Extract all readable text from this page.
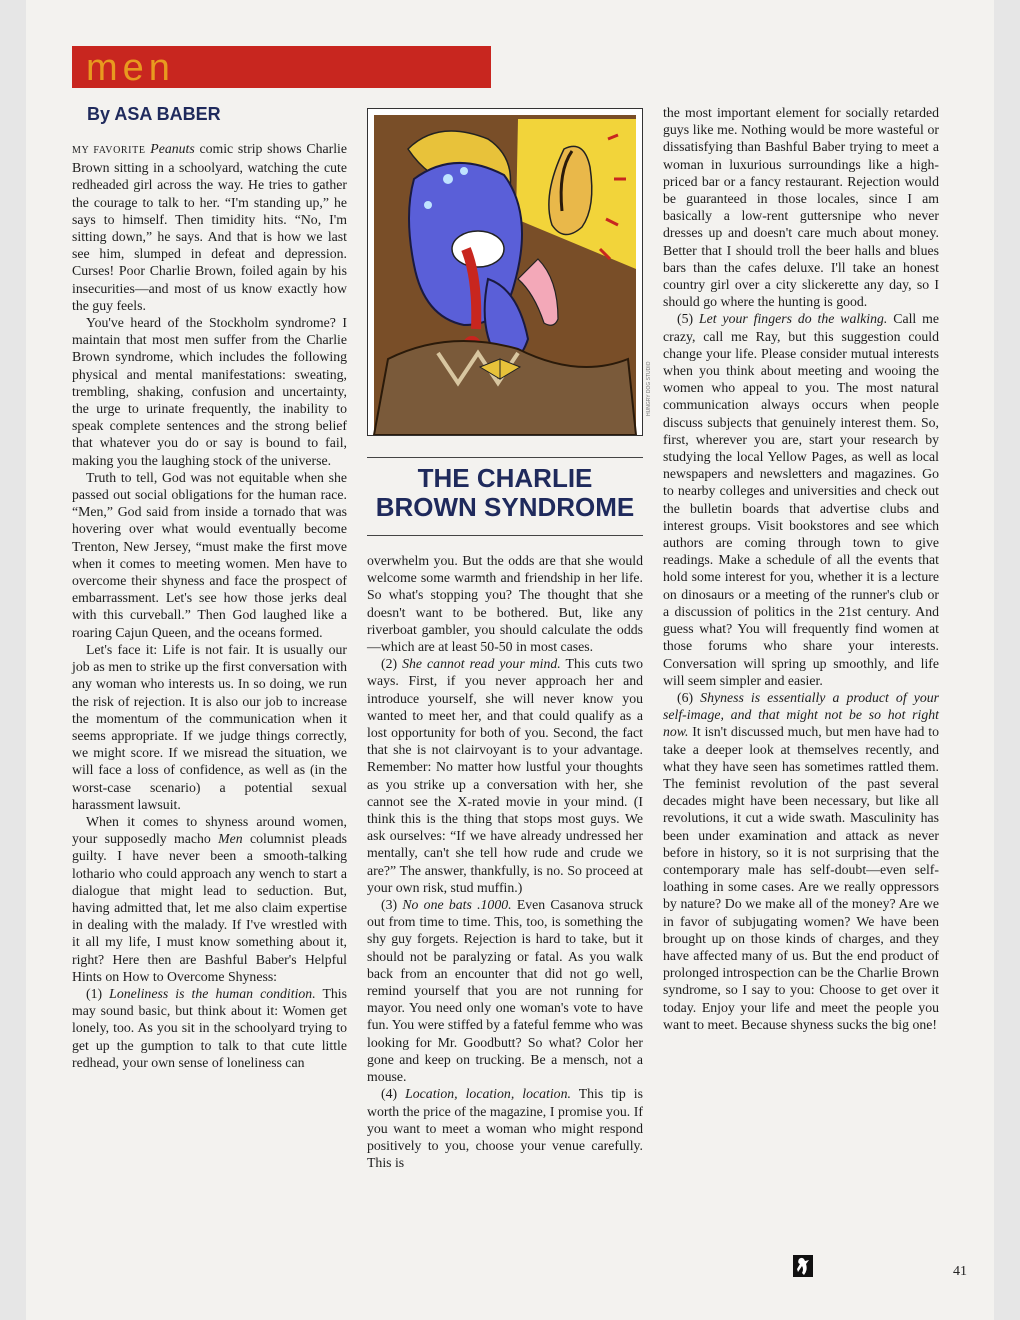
men
By ASA BABER

MY FAVORITE Peanuts comic strip shows Charlie Brown sitting in a schoolyard, watching the cute redheaded girl across the way. He tries to gather the courage to talk to her. “I'm standing up,” he says to himself. Then timidity hits. “No, I'm sitting down,” he says. And that is how we last see him, slumped in defeat and depression. Curses! Poor Charlie Brown, foiled again by his insecurities—and most of us know exactly how the guy feels.

You've heard of the Stockholm syndrome? I maintain that most men suffer from the Charlie Brown syndrome, which includes the following physical and mental manifestations: sweating, trembling, shaking, confusion and uncertainty, the urge to urinate frequently, the inability to speak complete sentences and the strong belief that whatever you do or say is bound to fail, making you the laughing stock of the universe.

Truth to tell, God was not equitable when she passed out social obligations for the human race. “Men,” God said from inside a tornado that was hovering over what would eventually become Trenton, New Jersey, “must make the first move when it comes to meeting women. Men have to overcome their shyness and face the prospect of embarrassment. Let's see how those jerks deal with this curveball.” Then God laughed like a roaring Cajun Queen, and the oceans formed.

Let's face it: Life is not fair. It is usually our job as men to strike up the first conversation with any woman who interests us. In so doing, we run the risk of rejection. It is also our job to increase the momentum of the communication when it seems appropriate. If we judge things correctly, we might score. If we misread the situation, we will face a loss of confidence, as well as (in the worst-case scenario) a potential sexual harassment lawsuit.

When it comes to shyness around women, your supposedly macho Men columnist pleads guilty. I have never been a smooth-talking lothario who could approach any wench to start a dialogue that might lead to seduction. But, having admitted that, let me also claim expertise in dealing with the malady. If I've wrestled with it all my life, I must know something about it, right? Here then are Bashful Baber's Helpful Hints on How to Overcome Shyness:

(1) Loneliness is the human condition. This may sound basic, but think about it: Women get lonely, too. As you sit in the schoolyard trying to get up the gumption to talk to that cute little redhead, your own sense of loneliness can

HUNGRY DOG STUDIO
THE CHARLIE
BROWN SYNDROME

overwhelm you. But the odds are that she would welcome some warmth and friendship in her life. So what's stopping you? The thought that she doesn't want to be bothered. But, like any riverboat gambler, you should calculate the odds—which are at least 50-50 in most cases.

(2) She cannot read your mind. This cuts two ways. First, if you never approach her and introduce yourself, she will never know you wanted to meet her, and that could qualify as a lost opportunity for both of you. Second, the fact that she is not clairvoyant is to your advantage. Remember: No matter how lustful your thoughts as you strike up a conversation with her, she cannot see the X-rated movie in your mind. (I think this is the thing that stops most guys. We ask ourselves: “If we have already undressed her mentally, can't she tell how rude and crude we are?” The answer, thankfully, is no. So proceed at your own risk, stud muffin.)

(3) No one bats .1000. Even Casanova struck out from time to time. This, too, is something the shy guy forgets. Rejection is hard to take, but it should not be paralyzing or fatal. As you walk back from an encounter that did not go well, remind yourself that you are not running for mayor. You need only one woman's vote to have fun. You were stiffed by a fateful femme who was looking for Mr. Goodbutt? So what? Color her gone and keep on trucking. Be a mensch, not a mouse.

(4) Location, location, location. This tip is worth the price of the magazine, I promise you. If you want to meet a woman who might respond positively to you, choose your venue carefully. This is

the most important element for socially retarded guys like me. Nothing would be more wasteful or dissatisfying than Bashful Baber trying to meet a woman in luxurious surroundings like a high-priced bar or a fancy restaurant. Rejection would be guaranteed in those locales, since I am basically a low-rent guttersnipe who never dresses up and doesn't care much about money. Better that I should troll the beer halls and blues bars than the cafes deluxe. I'll take an honest country girl over a city slickerette any day, so I should go where the hunting is good.

(5) Let your fingers do the walking. Call me crazy, call me Ray, but this suggestion could change your life. Please consider mutual interests when you think about meeting and wooing the women who appeal to you. The most natural communication always occurs when people discuss subjects that genuinely interest them. So, first, wherever you are, start your research by studying the local Yellow Pages, as well as local newspapers and newsletters and magazines. Go to nearby colleges and universities and check out the bulletin boards that advertise clubs and interest groups. Visit bookstores and see which authors are coming through town to give readings. Make a schedule of all the events that hold some interest for you, whether it is a lecture on dinosaurs or a meeting of the runner's club or a discussion of politics in the 21st century. And guess what? You will frequently find women at those forums who share your interests. Conversation will spring up smoothly, and life will seem simpler and easier.

(6) Shyness is essentially a product of your self-image, and that might not be so hot right now. It isn't discussed much, but men have had to take a deeper look at themselves recently, and what they have seen has sometimes rattled them. The feminist revolution of the past several decades might have been necessary, but like all revolutions, it cut a wide swath. Masculinity has been under examination and attack as never before in history, so it is not surprising that the contemporary male has self-doubt—even self-loathing in some cases. Are we really oppressors by nature? Do we make all of the money? Are we in favor of subjugating women? We have been brought up on those kinds of charges, and they have affected many of us. But the end product of prolonged introspection can be the Charlie Brown syndrome, so I say to you: Choose to get over it today. Enjoy your life and meet the people you want to meet. Because shyness sucks the big one!

41
